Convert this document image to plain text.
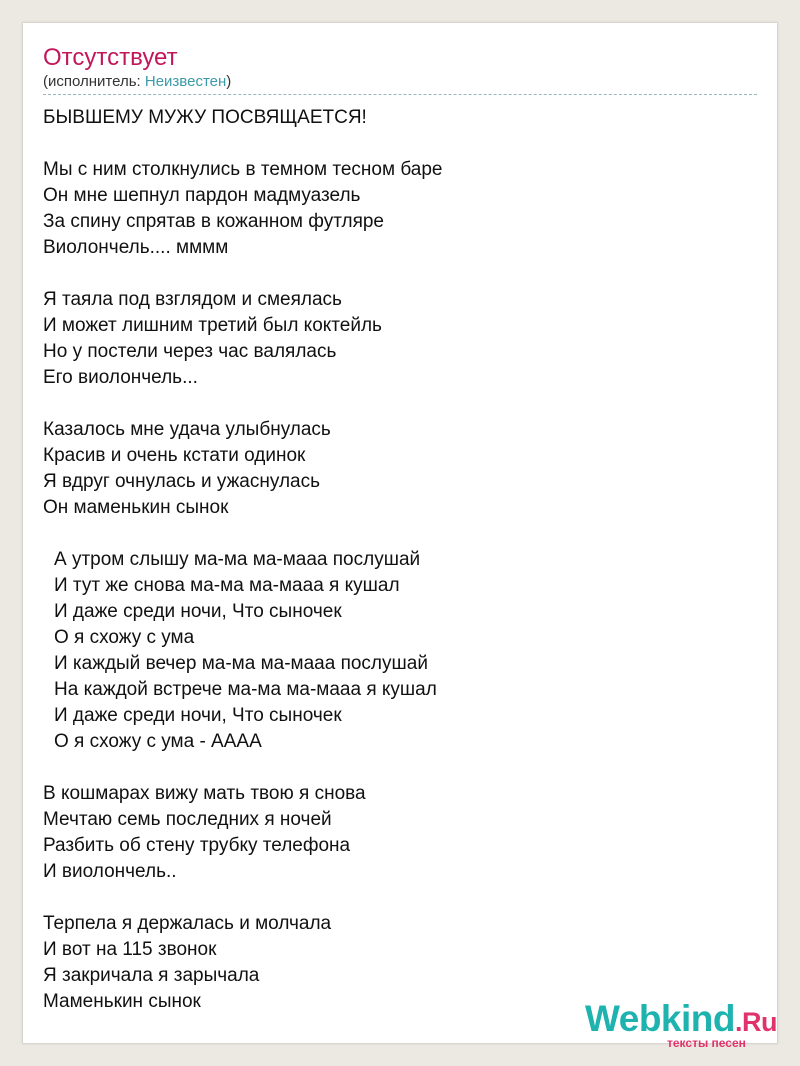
Отсутствует
(исполнитель: Неизвестен)
БЫВШЕМУ МУЖУ ПОСВЯЩАЕТСЯ!
Мы с ним столкнулись в темном тесном баре
Он мне шепнул пардон мадмуазель
За спину спрятав в кожанном футляре
Виолончель.... мммм
Я таяла под взглядом и смеялась
И может лишним третий был коктейль
Но у постели через час валялась
Его виолончель...
Казалось мне удача улыбнулась
Красив и очень кстати одинок
Я вдруг очнулась и ужаснулась
Он маменькин сынок
А утром слышу ма-ма ма-мааа послушай
И тут же снова ма-ма ма-мааа я кушал
И даже среди ночи, Что сыночек
О я схожу с ума
И каждый вечер ма-ма ма-мааа послушай
На каждой встрече ма-ма ма-мааа я кушал
И даже среди ночи, Что сыночек
О я схожу с ума - АААА
В кошмарах вижу мать твою я снова
Мечтаю семь последних я ночей
Разбить об стену трубку телефона
И виолончель..
Терпела я держалась и молчала
И вот на 115 звонок
Я закричала я зарычала
Маменькин сынок	Webkind.Ru
тексты песен
